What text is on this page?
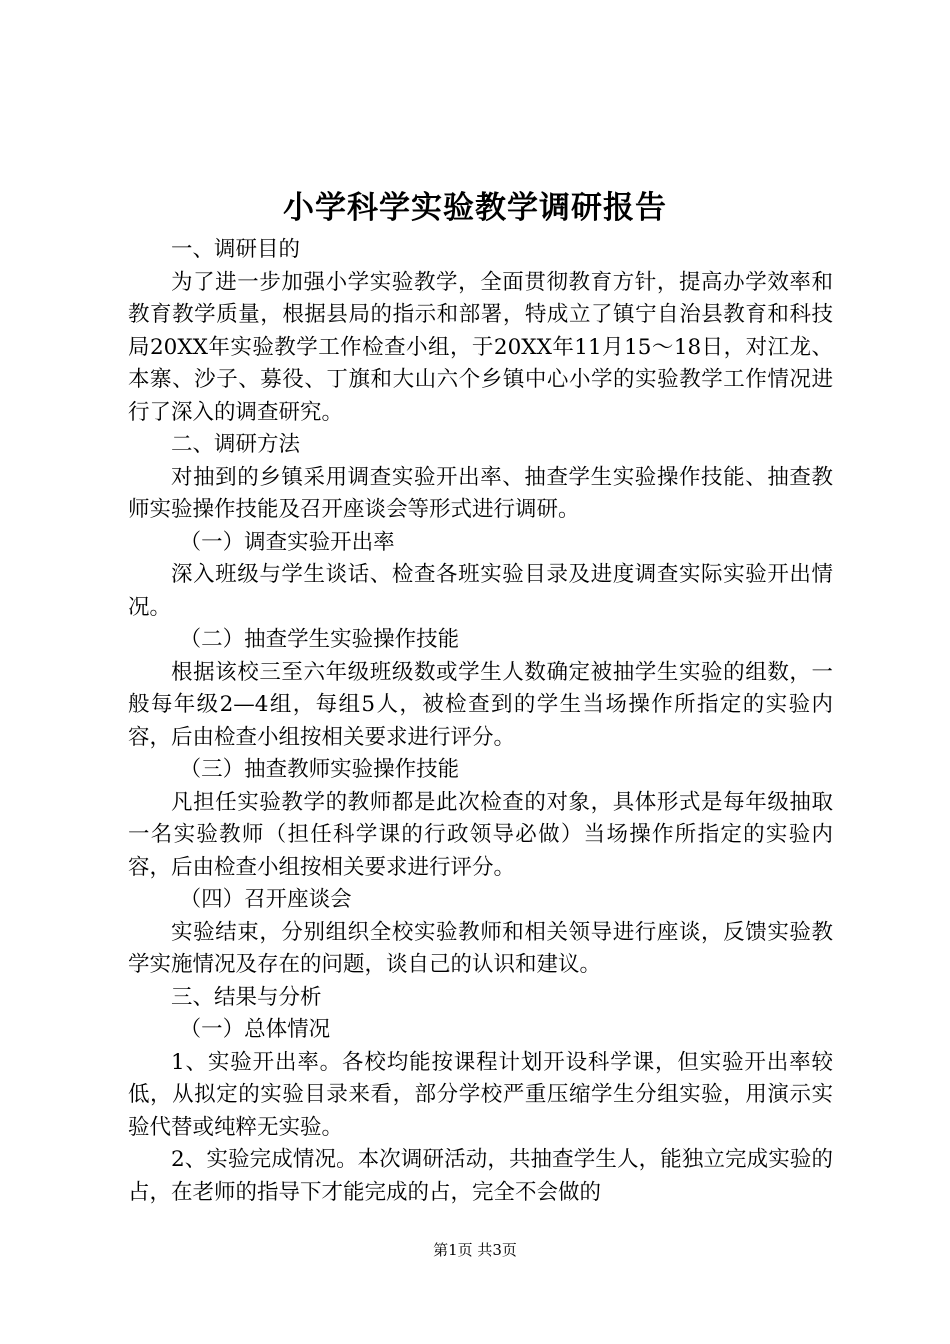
小学科学实验教学调研报告

一、调研目的

为了进一步加强小学实验教学，全面贯彻教育方针，提高办学效率和教育教学质量，根据县局的指示和部署，特成立了镇宁自治县教育和科技局20XX年实验教学工作检查小组，于20XX年11月15～18日，对江龙、本寨、沙子、募役、丁旗和大山六个乡镇中心小学的实验教学工作情况进行了深入的调查研究。

二、调研方法

对抽到的乡镇采用调查实验开出率、抽查学生实验操作技能、抽查教师实验操作技能及召开座谈会等形式进行调研。

（一）调查实验开出率

深入班级与学生谈话、检查各班实验目录及进度调查实际实验开出情况。

（二）抽查学生实验操作技能

根据该校三至六年级班级数或学生人数确定被抽学生实验的组数，一般每年级2—4组，每组5人，被检查到的学生当场操作所指定的实验内容，后由检查小组按相关要求进行评分。

（三）抽查教师实验操作技能

凡担任实验教学的教师都是此次检查的对象，具体形式是每年级抽取一名实验教师（担任科学课的行政领导必做）当场操作所指定的实验内容，后由检查小组按相关要求进行评分。

（四）召开座谈会

实验结束，分别组织全校实验教师和相关领导进行座谈，反馈实验教学实施情况及存在的问题，谈自己的认识和建议。

三、结果与分析

（一）总体情况

1、实验开出率。各校均能按课程计划开设科学课，但实验开出率较低，从拟定的实验目录来看，部分学校严重压缩学生分组实验，用演示实验代替或纯粹无实验。

2、实验完成情况。本次调研活动，共抽查学生人，能独立完成实验的占，在老师的指导下才能完成的占，完全不会做的

第1页 共3页
